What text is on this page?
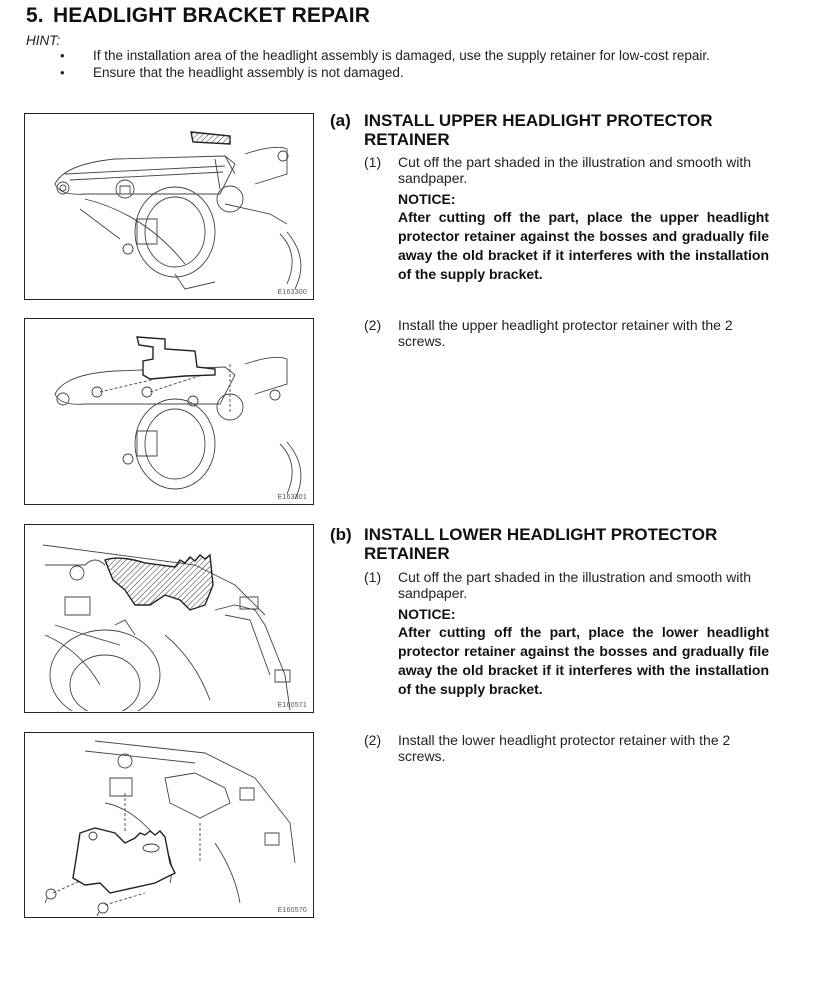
5. HEADLIGHT BRACKET REPAIR
HINT:
• If the installation area of the headlight assembly is damaged, use the supply retainer for low-cost repair.
• Ensure that the headlight assembly is not damaged.
E163300
E163301
E160571
E160570
(a) INSTALL UPPER HEADLIGHT PROTECTOR RETAINER
(1)	Cut off the part shaded in the illustration and smooth with sandpaper.
NOTICE:
After cutting off the part, place the upper headlight protector retainer against the bosses and gradually file away the old bracket if it interferes with the installation of the supply bracket.
(2)	Install the upper headlight protector retainer with the 2 screws.
(b) INSTALL LOWER HEADLIGHT PROTECTOR RETAINER
(1)	Cut off the part shaded in the illustration and smooth with sandpaper.
NOTICE:
After cutting off the part, place the lower headlight protector retainer against the bosses and gradually file away the old bracket if it interferes with the installation of the supply bracket.
(2)	Install the lower headlight protector retainer with the 2 screws.
